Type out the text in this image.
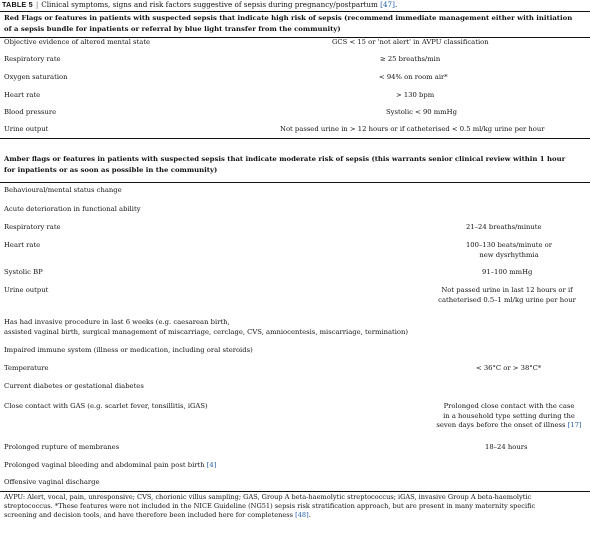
TABLE 5 | Clinical symptoms, signs and risk factors suggestive of sepsis during pregnancy/postpartum [47].
Red Flags or features in patients with suspected sepsis that indicate high risk of sepsis (recommend immediate management either with initiation
of a sepsis bundle for inpatients or referral by blue light transfer from the community)
Objective evidence of altered mental state	GCS < 15 or 'not alert' in AVPU classification
Respiratory rate	≥ 25 breaths/min
Oxygen saturation	< 94% on room air*
Heart rate	> 130 bpm
Blood pressure	Systolic < 90 mmHg
Urine output	Not passed urine in > 12 hours or if catheterised < 0.5 ml/kg urine per hour
Amber flags or features in patients with suspected sepsis that indicate moderate risk of sepsis (this warrants senior clinical review within 1 hour
for inpatients or as soon as possible in the community)
Behavioural/mental status change
Acute deterioration in functional ability
Respiratory rate	21–24 breaths/minute
Heart rate	100–130 beats/minute or
new dysrhythmia
Systolic BP	91–100 mmHg
Urine output	Not passed urine in last 12 hours or if
catheterised 0.5–1 ml/kg urine per hour
Has had invasive procedure in last 6 weeks (e.g. caesarean birth,
assisted vaginal birth, surgical management of miscarriage, cerclage, CVS, amniocentesis, miscarriage, termination)
Impaired immune system (illness or medication, including oral steroids)
Temperature	< 36°C or > 38°C*
Current diabetes or gestational diabetes
Close contact with GAS (e.g. scarlet fever, tonsillitis, iGAS)	Prolonged close contact with the case
in a household type setting during the
seven days before the onset of illness [17]
Prolonged rupture of membranes	18–24 hours
Prolonged vaginal bleeding and abdominal pain post birth [4]
Offensive vaginal discharge
AVPU: Alert, vocal, pain, unresponsive; CVS, chorionic villus sampling; GAS, Group A beta-haemolytic streptococcus; iGAS, invasive Group A beta-haemolytic
streptococcus. *These features were not included in the NICE Guideline (NG51) sepsis risk stratification approach, but are present in many maternity specific
screening and decision tools, and have therefore been included here for completeness [48].
